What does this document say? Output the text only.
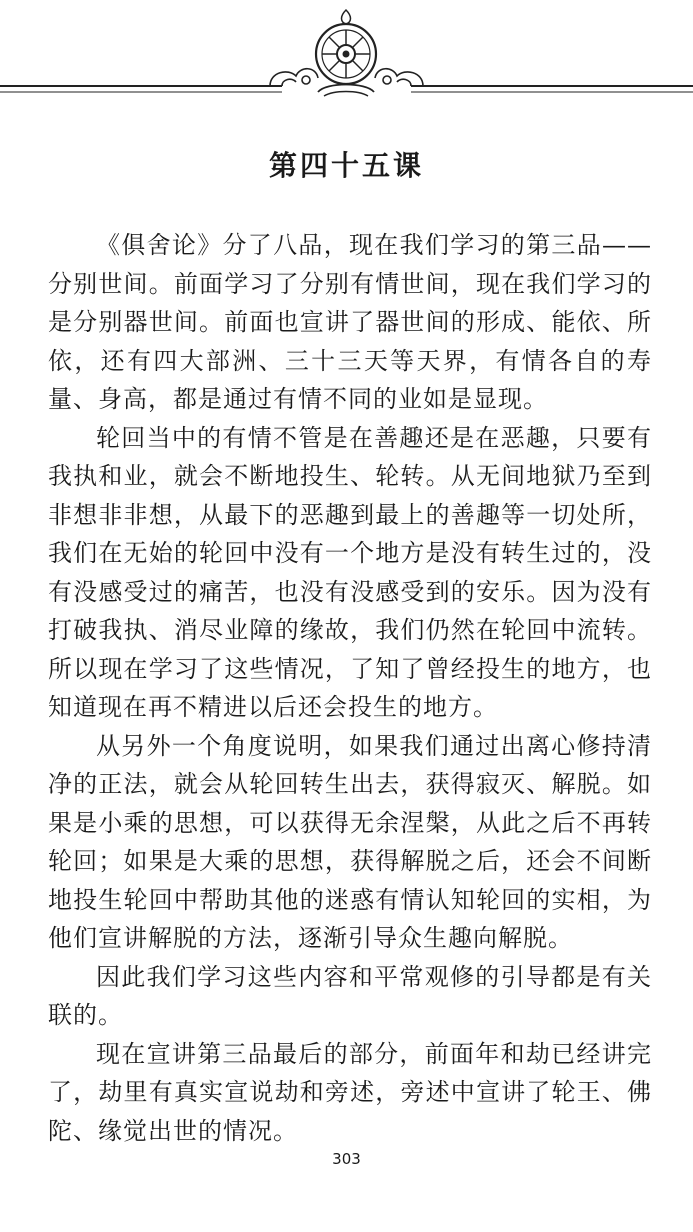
第四十五课

《俱舍论》分了八品，现在我们学习的第三品——分别世间。前面学习了分别有情世间，现在我们学习的是分别器世间。前面也宣讲了器世间的形成、能依、所依，还有四大部洲、三十三天等天界，有情各自的寿量、身高，都是通过有情不同的业如是显现。

轮回当中的有情不管是在善趣还是在恶趣，只要有我执和业，就会不断地投生、轮转。从无间地狱乃至到非想非非想，从最下的恶趣到最上的善趣等一切处所，我们在无始的轮回中没有一个地方是没有转生过的，没有没感受过的痛苦，也没有没感受到的安乐。因为没有打破我执、消尽业障的缘故，我们仍然在轮回中流转。所以现在学习了这些情况，了知了曾经投生的地方，也知道现在再不精进以后还会投生的地方。

从另外一个角度说明，如果我们通过出离心修持清净的正法，就会从轮回转生出去，获得寂灭、解脱。如果是小乘的思想，可以获得无余涅槃，从此之后不再转轮回；如果是大乘的思想，获得解脱之后，还会不间断地投生轮回中帮助其他的迷惑有情认知轮回的实相，为他们宣讲解脱的方法，逐渐引导众生趣向解脱。

因此我们学习这些内容和平常观修的引导都是有关联的。

现在宣讲第三品最后的部分，前面年和劫已经讲完了，劫里有真实宣说劫和旁述，旁述中宣讲了轮王、佛陀、缘觉出世的情况。

303
